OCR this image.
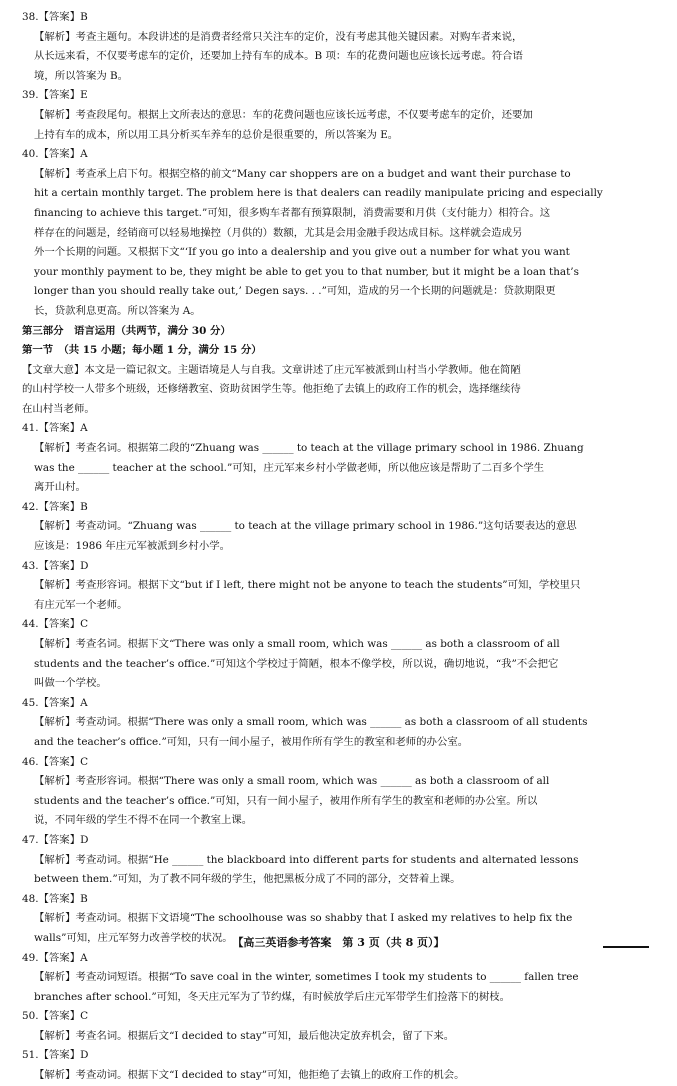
38.【答案】B
【解析】考查主题句。本段讲述的是消费者经常只关注车的定价，没有考虑其他关键因素。对购车者来说，
从长远来看，不仅要考虑车的定价，还要加上持有车的成本。B 项：车的花费问题也应该长远考虑。符合语
境，所以答案为 B。
39.【答案】E
【解析】考查段尾句。根据上文所表达的意思：车的花费问题也应该长远考虑，不仅要考虑车的定价，还要加
上持有车的成本，所以用工具分析买车养车的总价是很重要的，所以答案为 E。
40.【答案】A
【解析】考查承上启下句。根据空格的前文“Many car shoppers are on a budget and want their purchase to
hit a certain monthly target. The problem here is that dealers can readily manipulate pricing and especially
financing to achieve this target.”可知，很多购车者都有预算限制，消费需要和月供（支付能力）相符合。这
样存在的问题是，经销商可以轻易地操控（月供的）数额，尤其是会用金融手段达成目标。这样就会造成另
外一个长期的问题。又根据下文“‘If you go into a dealership and you give out a number for what you want
your monthly payment to be, they might be able to get you to that number, but it might be a loan that’s
longer than you should really take out,’ Degen says. . .”可知，造成的另一个长期的问题就是：贷款期限更
长，贷款利息更高。所以答案为 A。
第三部分　语言运用（共两节，满分 30 分）
第一节　（共 15 小题；每小题 1 分，满分 15 分）
【文章大意】本文是一篇记叙文。主题语境是人与自我。文章讲述了庄元军被派到山村当小学教师。他在简陋
的山村学校一人带多个班级，还修缮教室、资助贫困学生等。他拒绝了去镇上的政府工作的机会，选择继续待
在山村当老师。
41.【答案】A
【解析】考查名词。根据第二段的“Zhuang was ______ to teach at the village primary school in 1986. Zhuang
was the ______ teacher at the school.”可知，庄元军来乡村小学做老师，所以他应该是帮助了二百多个学生
离开山村。
42.【答案】B
【解析】考查动词。“Zhuang was ______ to teach at the village primary school in 1986.”这句话要表达的意思
应该是：1986 年庄元军被派到乡村小学。
43.【答案】D
【解析】考查形容词。根据下文“but if I left, there might not be anyone to teach the students”可知，学校里只
有庄元军一个老师。
44.【答案】C
【解析】考查名词。根据下文“There was only a small room, which was ______ as both a classroom of all
students and the teacher’s office.”可知这个学校过于简陋，根本不像学校，所以说，确切地说，“我”不会把它
叫做一个学校。
45.【答案】A
【解析】考查动词。根据“There was only a small room, which was ______ as both a classroom of all students
and the teacher’s office.”可知，只有一间小屋子，被用作所有学生的教室和老师的办公室。
46.【答案】C
【解析】考查形容词。根据“There was only a small room, which was ______ as both a classroom of all
students and the teacher’s office.”可知，只有一间小屋子，被用作所有学生的教室和老师的办公室。所以
说，不同年级的学生不得不在同一个教室上课。
47.【答案】D
【解析】考查动词。根据“He ______ the blackboard into different parts for students and alternated lessons
between them.”可知，为了教不同年级的学生，他把黑板分成了不同的部分，交替着上课。
48.【答案】B
【解析】考查动词。根据下文语境“The schoolhouse was so shabby that I asked my relatives to help fix the
walls”可知，庄元军努力改善学校的状况。
49.【答案】A
【解析】考查动词短语。根据“To save coal in the winter, sometimes I took my students to ______ fallen tree
branches after school.”可知，冬天庄元军为了节约煤，有时候放学后庄元军带学生们捡落下的树枝。
50.【答案】C
【解析】考查名词。根据后文“I decided to stay”可知，最后他决定放弃机会，留了下来。
51.【答案】D
【解析】考查动词。根据下文“I decided to stay”可知，他拒绝了去镇上的政府工作的机会。
【高三英语参考答案　第 3 页（共 8 页）】
